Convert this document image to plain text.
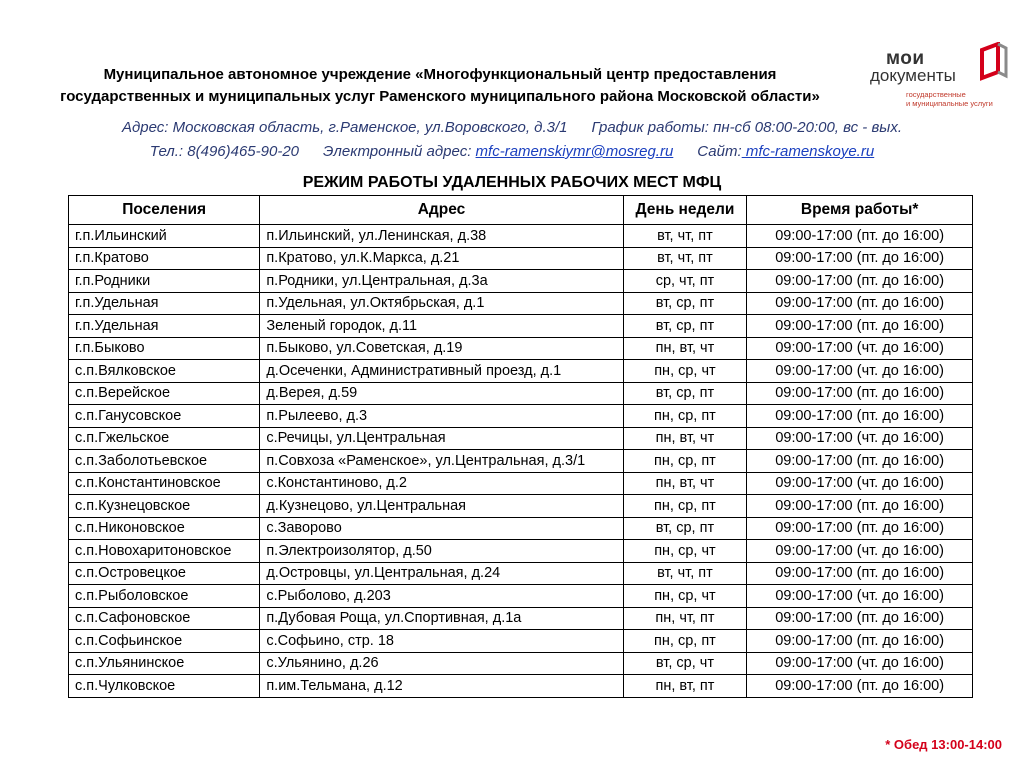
Муниципальное автономное учреждение «Многофункциональный центр предоставления
государственных и муниципальных услуг Раменского муниципального района Московской области»
мои
документы
государственные
и муниципальные услуги
Адрес: Московская область, г.Раменское, ул.Воровского, д.3/1 График работы: пн-сб 08:00-20:00, вс - вых.
Тел.: 8(496)465-90-20 Электронный адрес: mfc-ramenskiymr@mosreg.ru Сайт: mfc-ramenskoye.ru
РЕЖИМ РАБОТЫ УДАЛЕННЫХ РАБОЧИХ МЕСТ МФЦ
Поселения	Адрес	День недели	Время работы*
г.п.Ильинский	п.Ильинский, ул.Ленинская, д.38	вт, чт, пт	09:00-17:00 (пт. до 16:00)
г.п.Кратово	п.Кратово, ул.К.Маркса, д.21	вт, чт, пт	09:00-17:00 (пт. до 16:00)
г.п.Родники	п.Родники, ул.Центральная, д.3а	ср, чт, пт	09:00-17:00 (пт. до 16:00)
г.п.Удельная	п.Удельная, ул.Октябрьская, д.1	вт, ср, пт	09:00-17:00 (пт. до 16:00)
г.п.Удельная	Зеленый городок, д.11	вт, ср, пт	09:00-17:00 (пт. до 16:00)
г.п.Быково	п.Быково, ул.Советская, д.19	пн, вт, чт	09:00-17:00 (чт. до 16:00)
с.п.Вялковское	д.Осеченки, Административный проезд, д.1	пн, ср, чт	09:00-17:00 (чт. до 16:00)
с.п.Верейское	д.Верея, д.59	вт, ср, пт	09:00-17:00 (пт. до 16:00)
с.п.Ганусовское	п.Рылеево, д.3	пн, ср, пт	09:00-17:00 (пт. до 16:00)
с.п.Гжельское	с.Речицы, ул.Центральная	пн, вт, чт	09:00-17:00 (чт. до 16:00)
с.п.Заболотьевское	п.Совхоза «Раменское», ул.Центральная, д.3/1	пн, ср, пт	09:00-17:00 (пт. до 16:00)
с.п.Константиновское	с.Константиново, д.2	пн, вт, чт	09:00-17:00 (чт. до 16:00)
с.п.Кузнецовское	д.Кузнецово, ул.Центральная	пн, ср, пт	09:00-17:00 (пт. до 16:00)
с.п.Никоновское	с.Заворово	вт, ср, пт	09:00-17:00 (пт. до 16:00)
с.п.Новохаритоновское	п.Электроизолятор, д.50	пн, ср, чт	09:00-17:00 (чт. до 16:00)
с.п.Островецкое	д.Островцы, ул.Центральная, д.24	вт, чт, пт	09:00-17:00 (пт. до 16:00)
с.п.Рыболовское	с.Рыболово, д.203	пн, ср, чт	09:00-17:00 (чт. до 16:00)
с.п.Сафоновское	п.Дубовая Роща, ул.Спортивная, д.1а	пн, чт, пт	09:00-17:00 (пт. до 16:00)
с.п.Софьинское	с.Софьино, стр. 18	пн, ср, пт	09:00-17:00 (пт. до 16:00)
с.п.Ульянинское	с.Ульянино, д.26	вт, ср, чт	09:00-17:00 (чт. до 16:00)
с.п.Чулковское	п.им.Тельмана, д.12	пн, вт, пт	09:00-17:00 (пт. до 16:00)
* Обед 13:00-14:00
